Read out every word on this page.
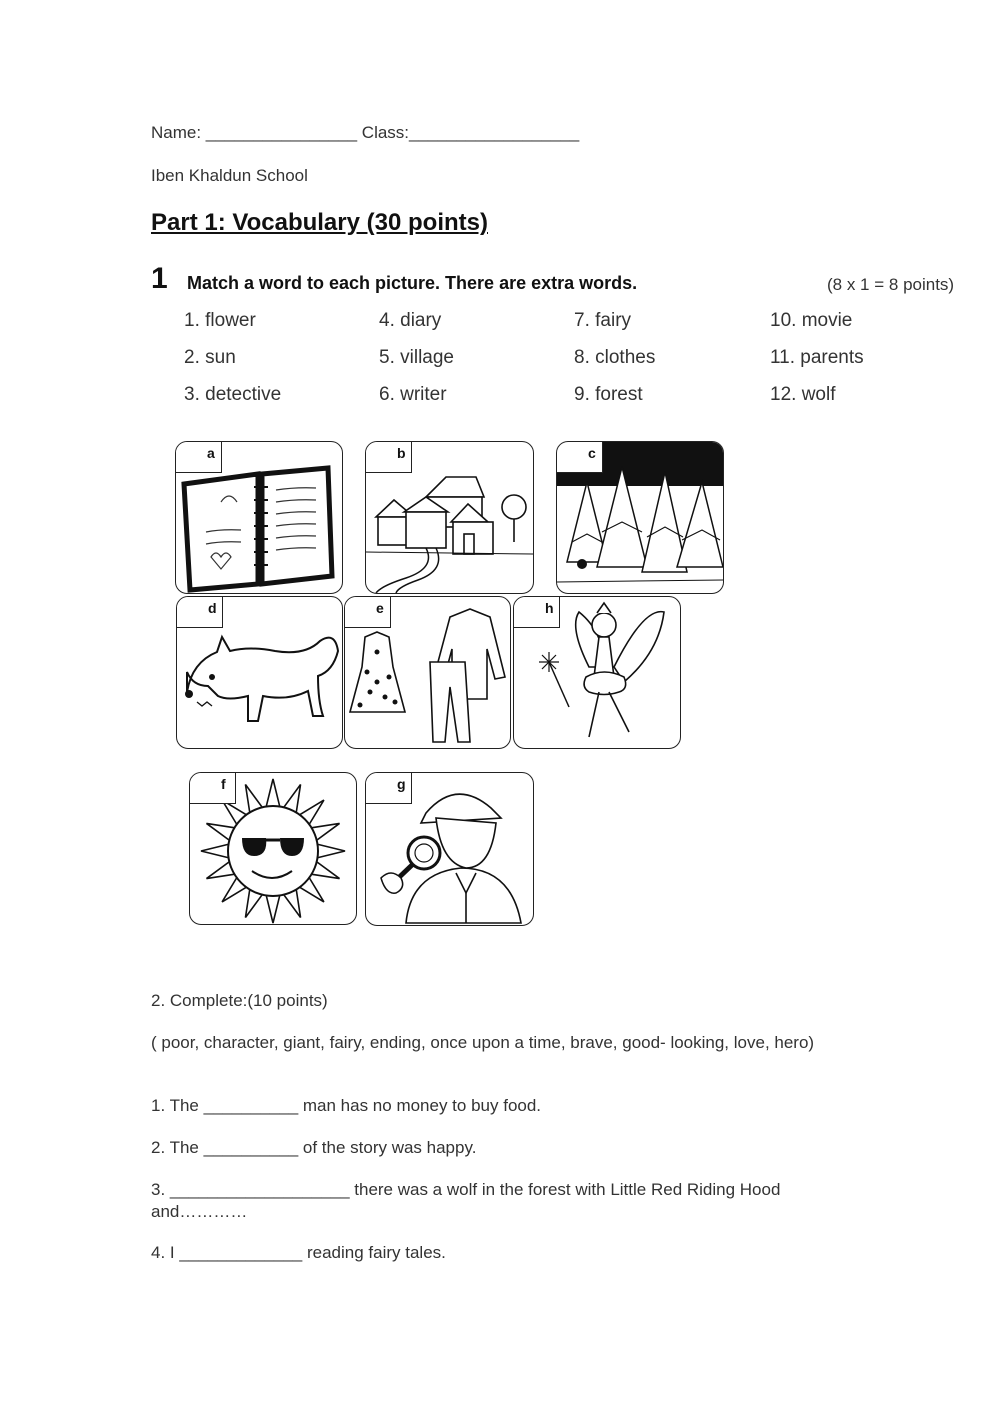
Name: ________________ Class:__________________
Iben Khaldun School
Part 1: Vocabulary (30 points)
1 Match a word to each picture. There are extra words.	(8 x 1 = 8 points)
1. flower	4. diary	7. fairy	10. movie
2. sun	5. village	8. clothes	11. parents
3. detective	6. writer	9. forest	12. wolf
a	b	c
d	e	h
f	g
2. Complete:(10 points)
( poor, character, giant, fairy, ending, once upon a time, brave, good- looking, love, hero)
1. The __________ man has no money to buy food.
2. The __________ of the story was happy.
3. ___________________ there was a wolf in the forest with Little Red Riding Hood and…………
4. I _____________ reading fairy tales.
